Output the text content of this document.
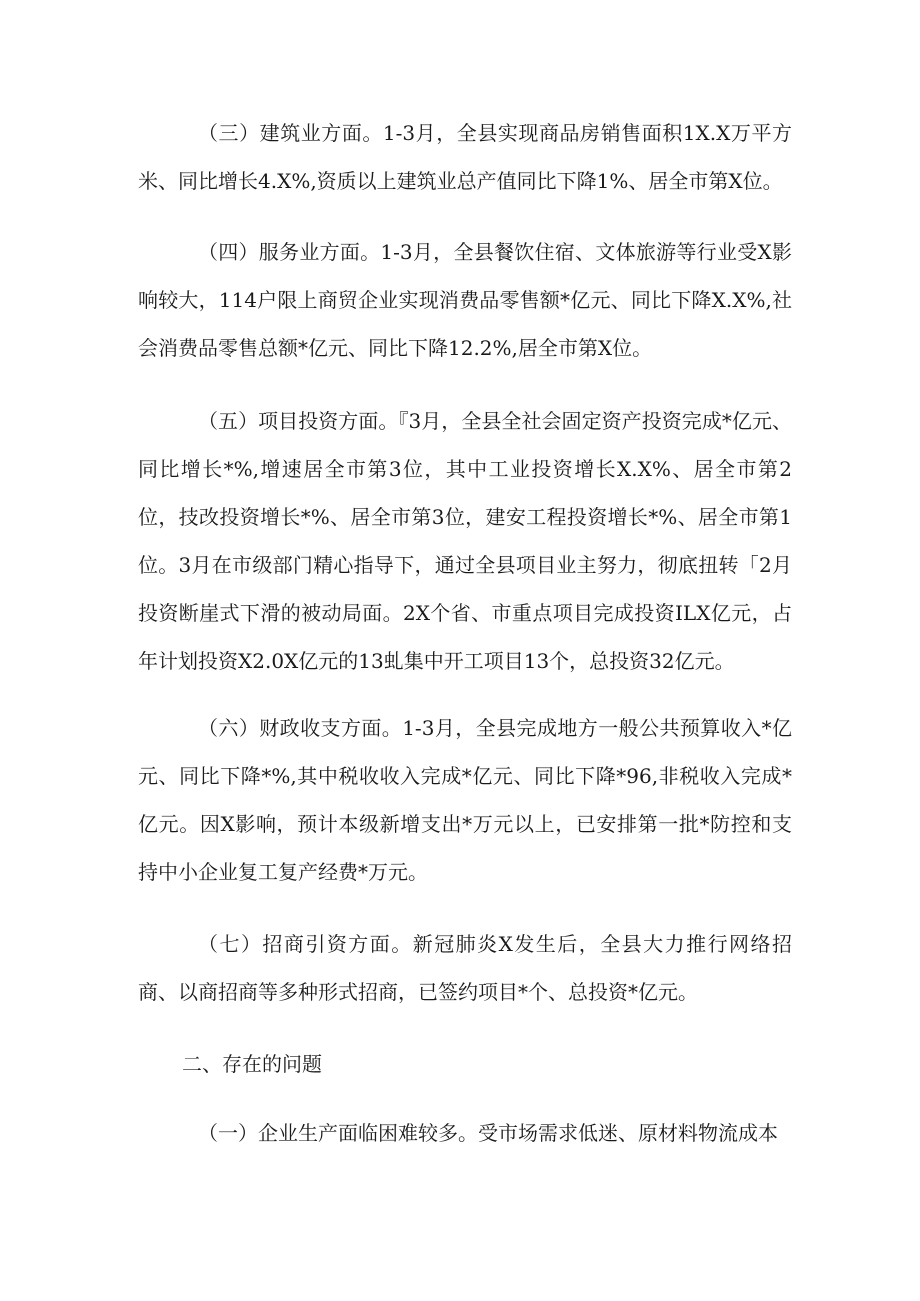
（三）建筑业方面。1-3月，全县实现商品房销售面积1X.X万平方米、同比增长4.X%,资质以上建筑业总产值同比下降1%、居全市第X位。

（四）服务业方面。1-3月，全县餐饮住宿、文体旅游等行业受X影响较大，114户限上商贸企业实现消费品零售额*亿元、同比下降X.X%,社会消费品零售总额*亿元、同比下降12.2%,居全市第X位。

（五）项目投资方面。『3月，全县全社会固定资产投资完成*亿元、同比增长*%,增速居全市第3位，其中工业投资增长X.X%、居全市第2位，技改投资增长*%、居全市第3位，建安工程投资增长*%、居全市第1位。3月在市级部门精心指导下，通过全县项目业主努力，彻底扭转「2月投资断崖式下滑的被动局面。2X个省、市重点项目完成投资ILX亿元，占年计划投资X2.0X亿元的13虬集中开工项目13个，总投资32亿元。

（六）财政收支方面。1-3月，全县完成地方一般公共预算收入*亿元、同比下降*%,其中税收收入完成*亿元、同比下降*96,非税收入完成*亿元。因X影响，预计本级新增支出*万元以上，已安排第一批*防控和支持中小企业复工复产经费*万元。

（七）招商引资方面。新冠肺炎X发生后，全县大力推行网络招商、以商招商等多种形式招商，已签约项目*个、总投资*亿元。

二、存在的问题

（一）企业生产面临困难较多。受市场需求低迷、原材料物流成本
